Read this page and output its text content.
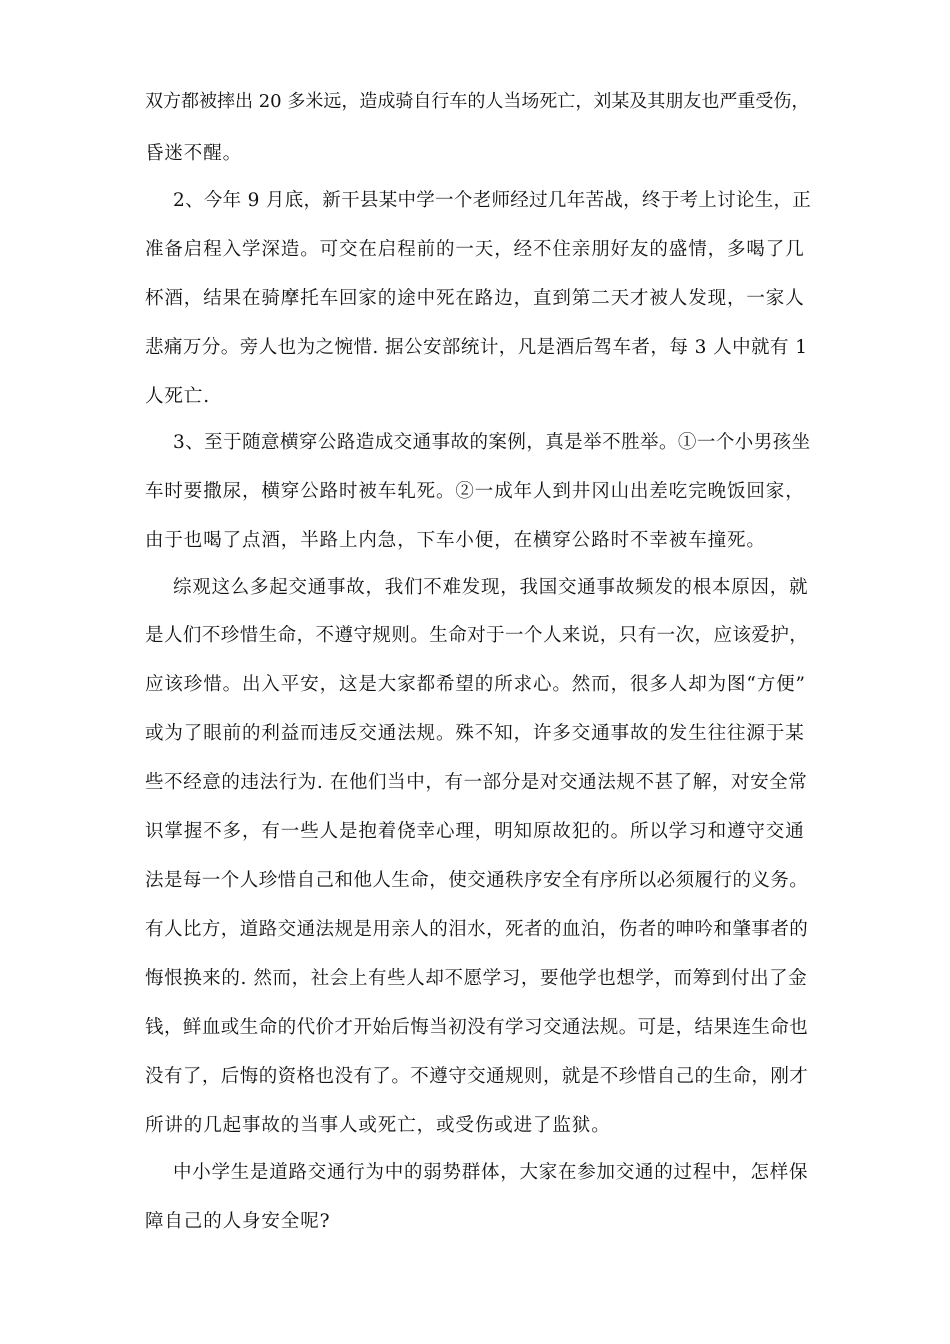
双方都被摔出 20 多米远，造成骑自行车的人当场死亡，刘某及其朋友也严重受伤，
昏迷不醒。
2、今年 9 月底，新干县某中学一个老师经过几年苦战，终于考上讨论生，正
准备启程入学深造。可交在启程前的一天，经不住亲朋好友的盛情，多喝了几
杯酒，结果在骑摩托车回家的途中死在路边，直到第二天才被人发现，一家人
悲痛万分。旁人也为之惋惜. 据公安部统计，凡是酒后驾车者，每 3 人中就有 1
人死亡.
3、至于随意横穿公路造成交通事故的案例，真是举不胜举。①一个小男孩坐
车时要撒尿，横穿公路时被车轧死。②一成年人到井冈山出差吃完晚饭回家，
由于也喝了点酒，半路上内急，下车小便，在横穿公路时不幸被车撞死。
综观这么多起交通事故，我们不难发现，我国交通事故频发的根本原因，就
是人们不珍惜生命，不遵守规则。生命对于一个人来说，只有一次，应该爱护，
应该珍惜。出入平安，这是大家都希望的所求心。然而，很多人却为图“方便”
或为了眼前的利益而违反交通法规。殊不知，许多交通事故的发生往往源于某
些不经意的违法行为. 在他们当中，有一部分是对交通法规不甚了解，对安全常
识掌握不多，有一些人是抱着侥幸心理，明知原故犯的。所以学习和遵守交通
法是每一个人珍惜自己和他人生命，使交通秩序安全有序所以必须履行的义务。
有人比方，道路交通法规是用亲人的泪水，死者的血泊，伤者的呻吟和肇事者的
悔恨换来的. 然而，社会上有些人却不愿学习，要他学也想学，而筹到付出了金
钱，鲜血或生命的代价才开始后悔当初没有学习交通法规。可是，结果连生命也
没有了，后悔的资格也没有了。不遵守交通规则，就是不珍惜自己的生命，刚才
所讲的几起事故的当事人或死亡，或受伤或进了监狱。
中小学生是道路交通行为中的弱势群体，大家在参加交通的过程中，怎样保
障自己的人身安全呢?
